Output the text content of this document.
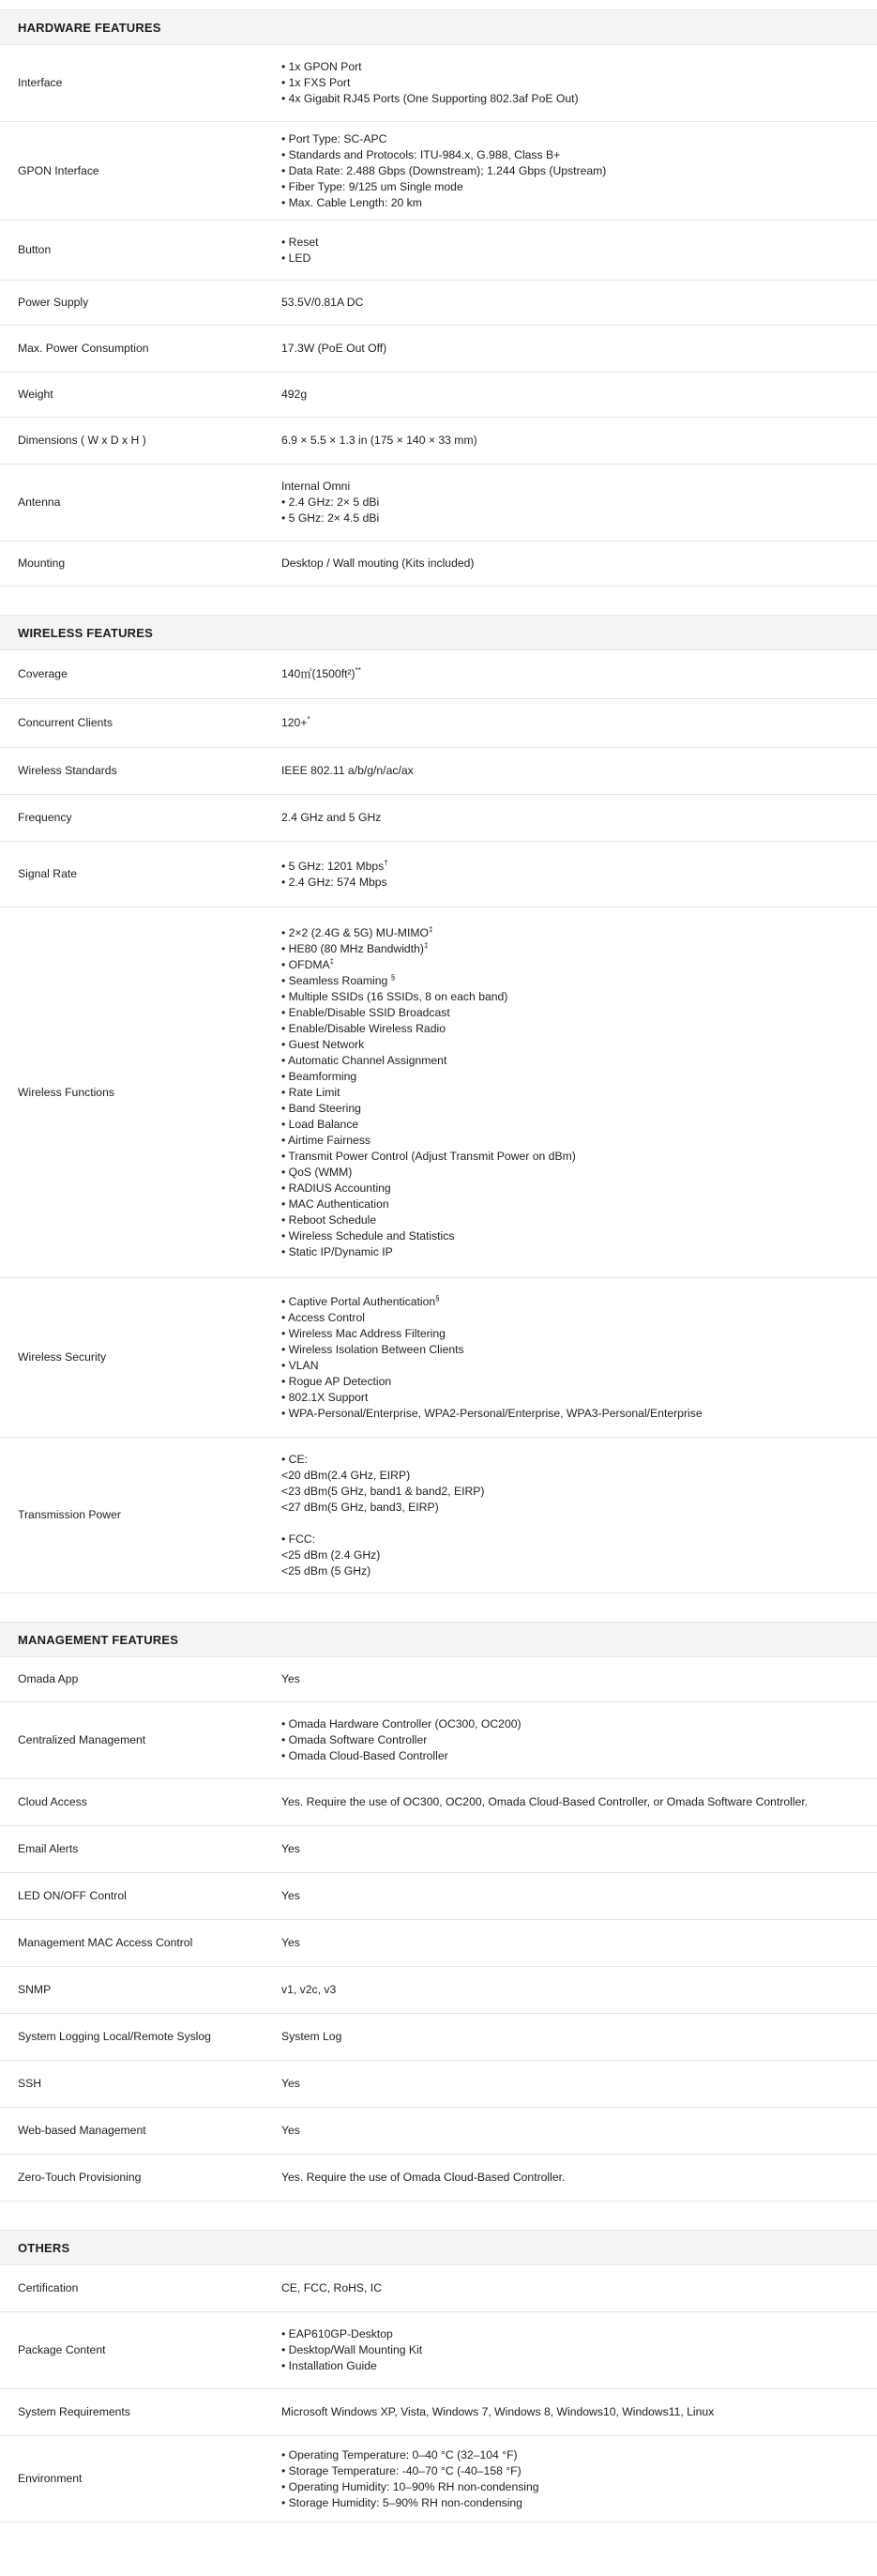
HARDWARE FEATURES
Interface
• 1x GPON Port
• 1x FXS Port
• 4x Gigabit RJ45 Ports (One Supporting 802.3af PoE Out)
GPON Interface
• Port Type: SC-APC
• Standards and Protocols: ITU-984.x, G.988, Class B+
• Data Rate: 2.488 Gbps (Downstream); 1.244 Gbps (Upstream)
• Fiber Type: 9/125 um Single mode
• Max. Cable Length: 20 km
Button
• Reset
• LED
Power Supply	53.5V/0.81A DC
Max. Power Consumption	17.3W (PoE Out Off)
Weight	492g
Dimensions ( W x D x H )	6.9 × 5.5 × 1.3 in (175 × 140 × 33 mm)
Antenna
Internal Omni
• 2.4 GHz: 2× 5 dBi
• 5 GHz: 2× 4.5 dBi
Mounting	Desktop / Wall mouting (Kits included)
WIRELESS FEATURES
Coverage	140㎡(1500ft²)**
Concurrent Clients	120+*
Wireless Standards	IEEE 802.11 a/b/g/n/ac/ax
Frequency	2.4 GHz and 5 GHz
Signal Rate
• 5 GHz: 1201 Mbps†
• 2.4 GHz: 574 Mbps
Wireless Functions
• 2×2 (2.4G & 5G) MU-MIMO‡
• HE80 (80 MHz Bandwidth)‡
• OFDMA‡
• Seamless Roaming §
• Multiple SSIDs (16 SSIDs, 8 on each band)
• Enable/Disable SSID Broadcast
• Enable/Disable Wireless Radio
• Guest Network
• Automatic Channel Assignment
• Beamforming
• Rate Limit
• Band Steering
• Load Balance
• Airtime Fairness
• Transmit Power Control (Adjust Transmit Power on dBm)
• QoS (WMM)
• RADIUS Accounting
• MAC Authentication
• Reboot Schedule
• Wireless Schedule and Statistics
• Static IP/Dynamic IP
Wireless Security
• Captive Portal Authentication§
• Access Control
• Wireless Mac Address Filtering
• Wireless Isolation Between Clients
• VLAN
• Rogue AP Detection
• 802.1X Support
• WPA-Personal/Enterprise, WPA2-Personal/Enterprise, WPA3-Personal/Enterprise
Transmission Power
• CE:
<20 dBm(2.4 GHz, EIRP)
<23 dBm(5 GHz, band1 & band2, EIRP)
<27 dBm(5 GHz, band3, EIRP)
• FCC:
<25 dBm (2.4 GHz)
<25 dBm (5 GHz)
MANAGEMENT FEATURES
Omada App	Yes
Centralized Management
• Omada Hardware Controller (OC300, OC200)
• Omada Software Controller
• Omada Cloud-Based Controller
Cloud Access	Yes. Require the use of OC300, OC200, Omada Cloud-Based Controller, or Omada Software Controller.
Email Alerts	Yes
LED ON/OFF Control	Yes
Management MAC Access Control	Yes
SNMP	v1, v2c, v3
System Logging Local/Remote Syslog	System Log
SSH	Yes
Web-based Management	Yes
Zero-Touch Provisioning	Yes. Require the use of Omada Cloud-Based Controller.
OTHERS
Certification	CE, FCC, RoHS, IC
Package Content
• EAP610GP-Desktop
• Desktop/Wall Mounting Kit
• Installation Guide
System Requirements	Microsoft Windows XP, Vista, Windows 7, Windows 8, Windows10, Windows11, Linux
Environment
• Operating Temperature: 0–40 °C (32–104 °F)
• Storage Temperature: -40–70 °C (-40–158 °F)
• Operating Humidity: 10–90% RH non-condensing
• Storage Humidity: 5–90% RH non-condensing
